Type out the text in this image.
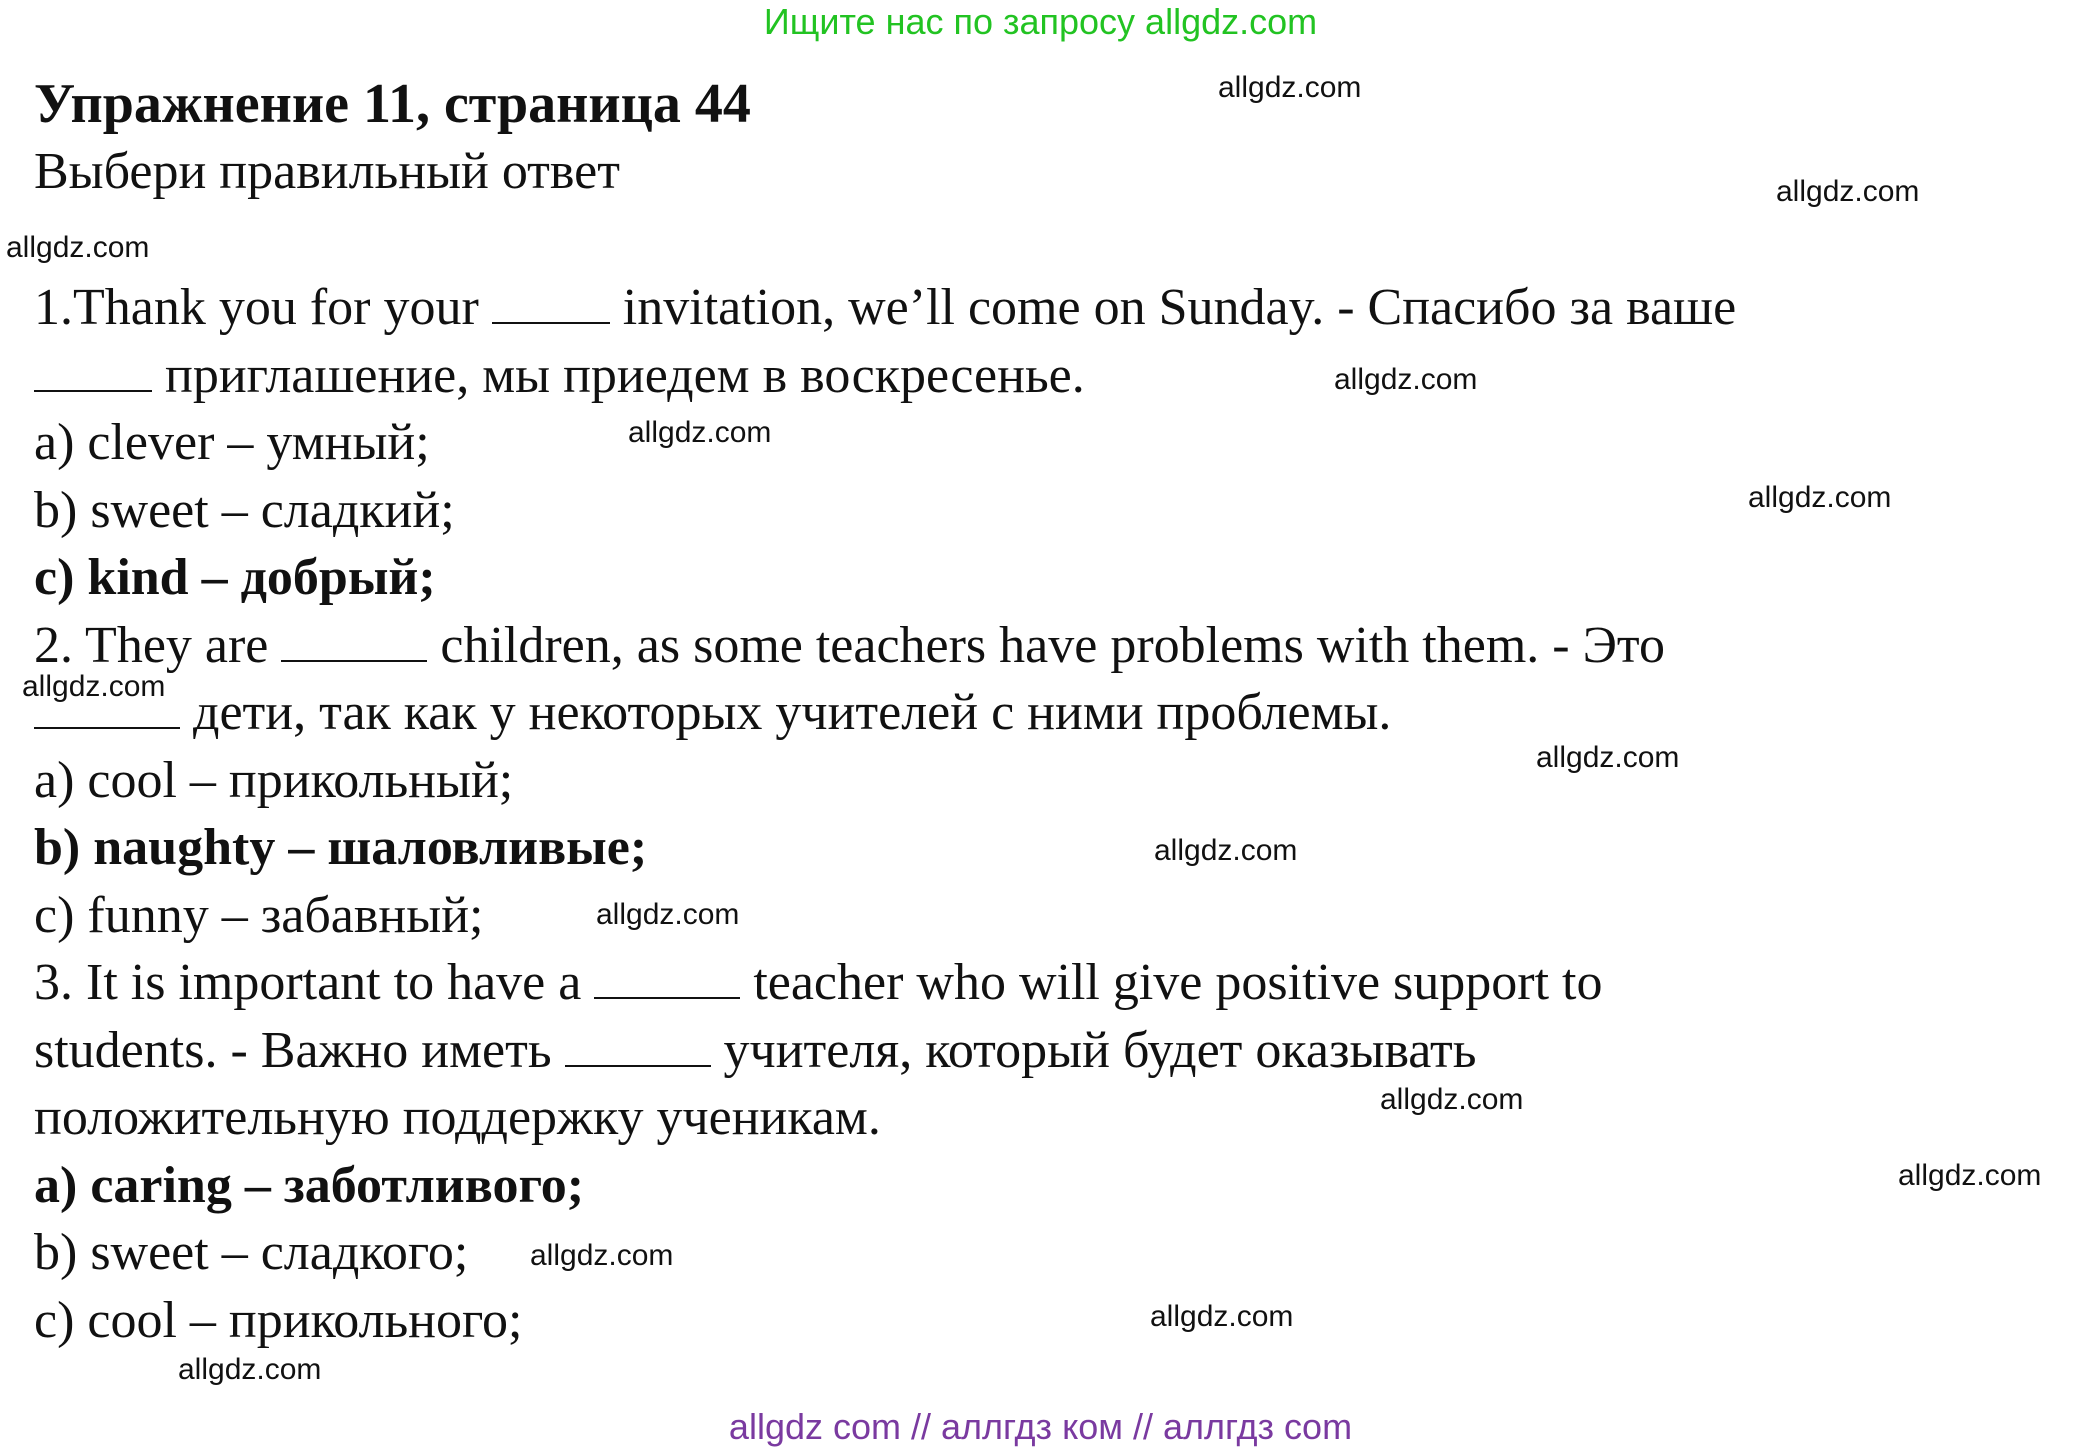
Ищите нас по запросу allgdz.com

Упражнение 11, страница 44

Выбери правильный ответ

1.Thank you for your	invitation, we’ll come on Sunday. - Спасибо за ваше

приглашение, мы приедем в воскресенье.

a) clever – умный;

b) sweet – сладкий;

c) kind – добрый;

2. They are	children, as some teachers have problems with them. - Это

дети, так как у некоторых учителей с ними проблемы.

a) cool – прикольный;

b) naughty – шаловливые;

c) funny – забавный;

3. It is important to have a	teacher who will give positive support to

students. - Важно иметь	учителя, который будет оказывать

положительную поддержку ученикам.

a) caring – заботливого;

b) sweet – сладкого;

c) cool – прикольного;

allgdz.com
allgdz.com
allgdz.com
allgdz.com
allgdz.com
allgdz.com
allgdz.com
allgdz.com
allgdz.com
allgdz.com
allgdz.com
allgdz.com
allgdz.com
allgdz.com
allgdz.com
allgdz com // аллгдз ком // аллгдз com
